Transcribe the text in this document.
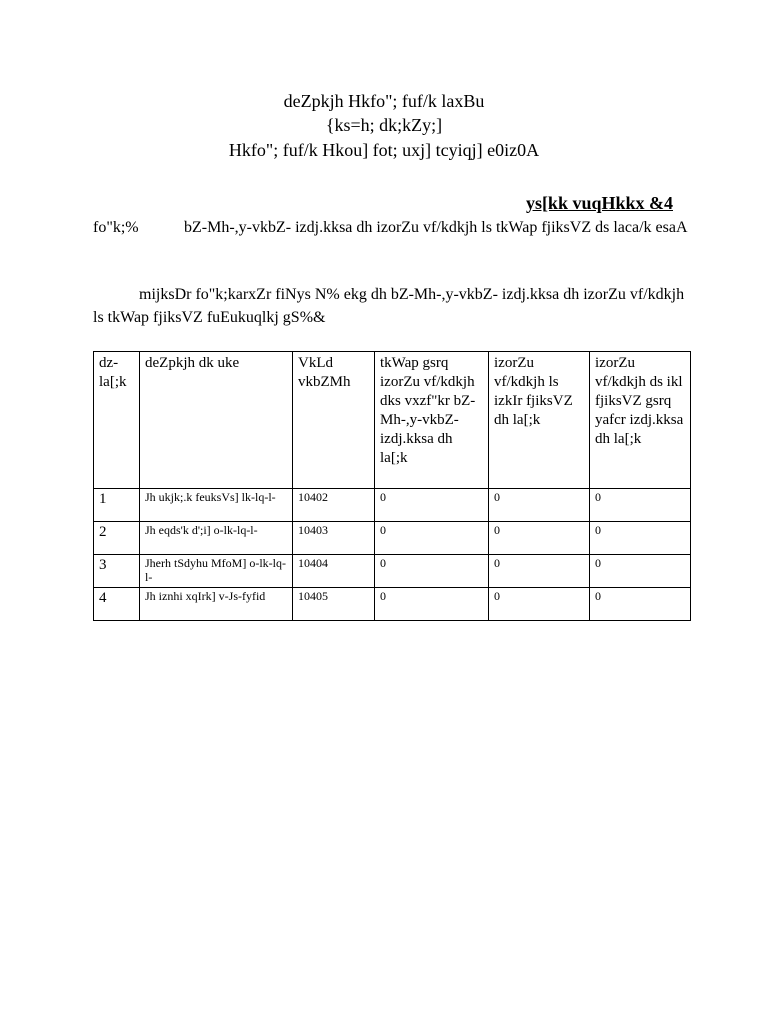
deZpkjh Hkfo"; fuf/k laxBu
{ks=h; dk;kZy;]
Hkfo"; fuf/k Hkou] fot; uxj] tcyiqj] e0iz0A
ys[kk vuqHkkx &4
fo"k;%	bZ-Mh-,y-vkbZ- izdj.kksa dh izorZu vf/kdkjh ls tkWap fjiksVZ ds laca/k esaA
mijksDr fo"k;karxZr fiNys N% ekg dh bZ-Mh-,y-vkbZ- izdj.kksa dh izorZu vf/kdkjh ls tkWap fjiksVZ fuEukuqlkj gS%&
dz-la[;k	deZpkjh dk uke	VkLd vkbZMh	tkWap gsrq izorZu vf/kdkjh dks vxzf"kr bZ-Mh-,y-vkbZ- izdj.kksa dh la[;k	izorZu vf/kdkjh ls izkIr fjiksVZ dh la[;k	izorZu vf/kdkjh ds ikl fjiksVZ gsrq yafcr izdj.kksa dh la[;k
1	Jh ukjk;.k feuksVs] lk-lq-l-	10402	0	0	0
2	Jh eqds'k d';i] o-lk-lq-l-	10403	0	0	0
3	Jherh tSdyhu MfoM] o-lk-lq-l-	10404	0	0	0
4	Jh iznhi xqIrk] v-Js-fyfid	10405	0	0	0
